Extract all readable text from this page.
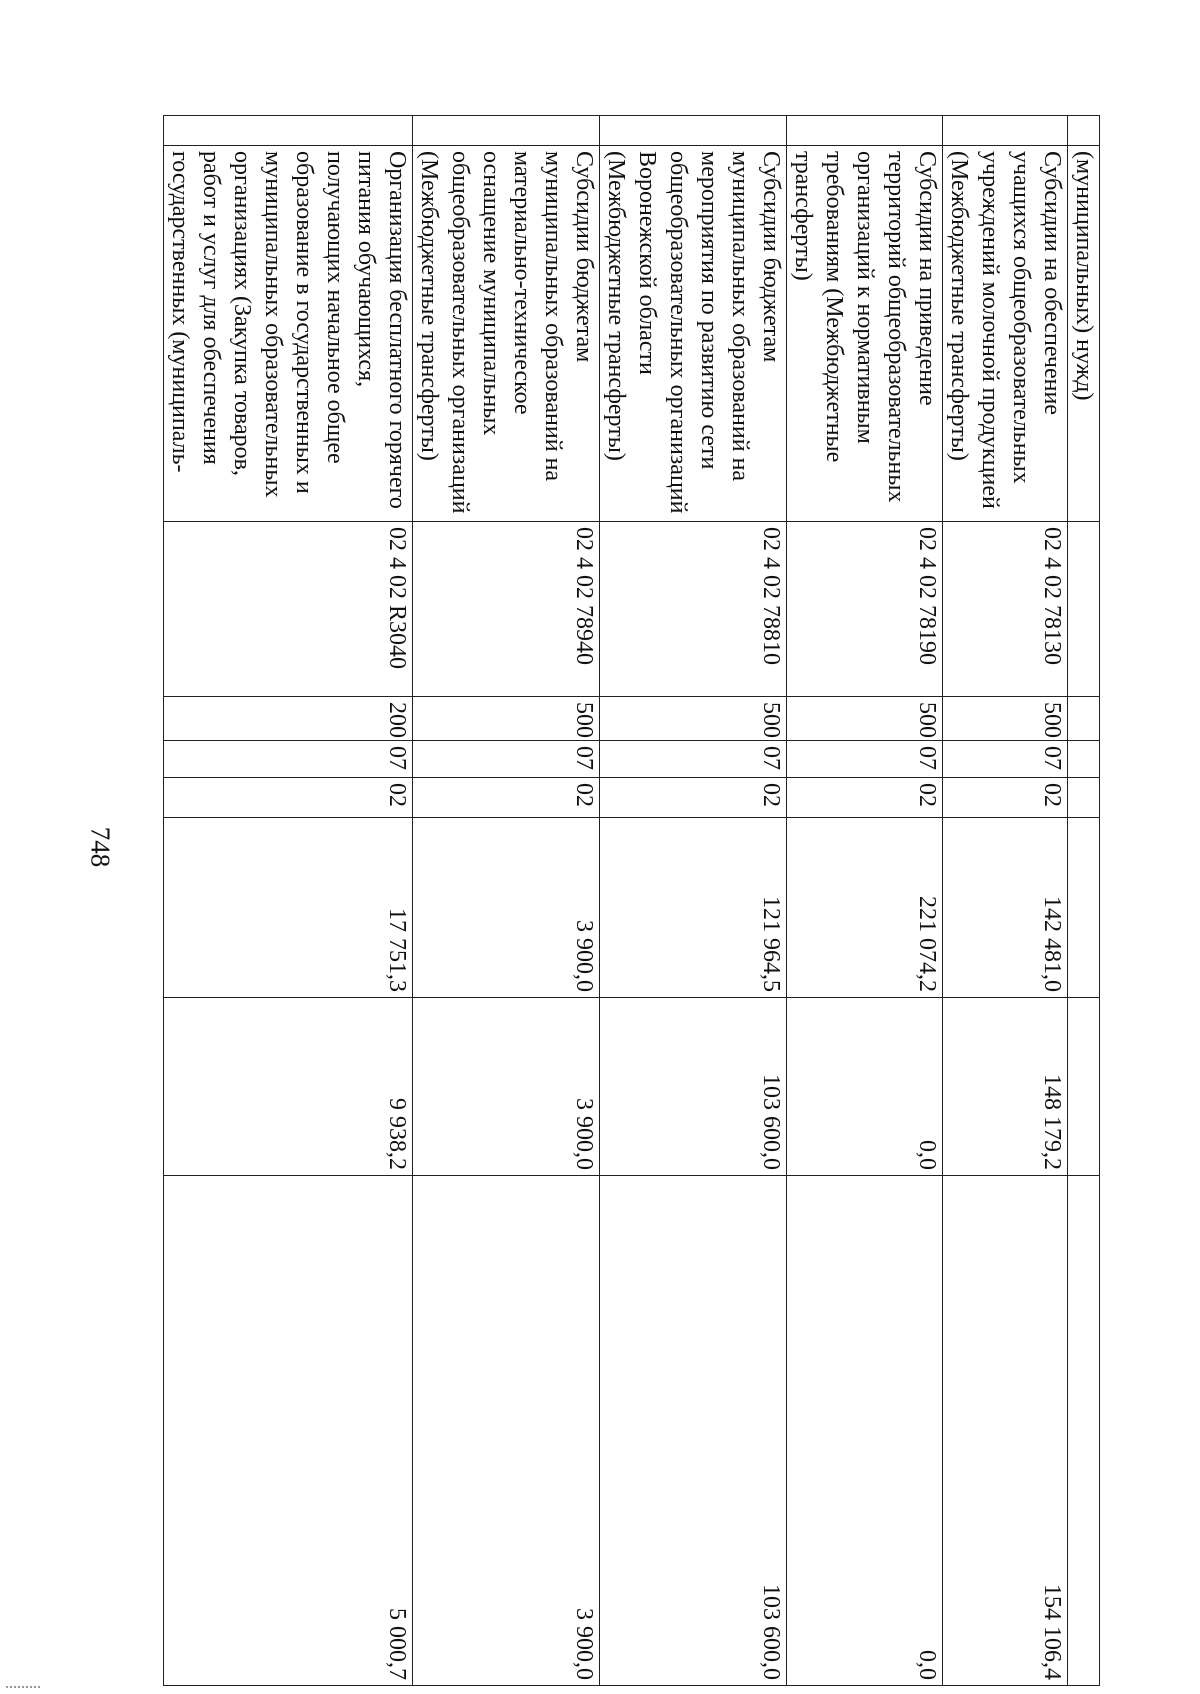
748
	(муниципальных) нужд)							
	Субсидии на обеспечение учащихся общеобразовательных учреждений молочной продукцией (Межбюджетные трансферты)	02 4 02 78130	500	07	02	142 481,0	148 179,2	154 106,4
	Субсидии на приведение территорий общеобразовательных организаций к нормативным требованиям (Межбюджетные трансферты)	02 4 02 78190	500	07	02	221 074,2	0,0	0,0
	Субсидии бюджетам муниципальных образований на мероприятия по развитию сети общеобразовательных организаций Воронежской области (Межбюджетные трансферты)	02 4 02 78810	500	07	02	121 964,5	103 600,0	103 600,0
	Субсидии бюджетам муниципальных образований на материально-техническое оснащение муниципальных общеобразовательных организаций (Межбюджетные трансферты)	02 4 02 78940	500	07	02	3 900,0	3 900,0	3 900,0
	Организация бесплатного горячего питания обучающихся, получающих начальное общее образование в государственных и муниципальных образовательных организациях (Закупка товаров, работ и услуг для обеспечения государственных (муниципаль-	02 4 02 R3040	200	07	02	17 751,3	9 938,2	5 000,7
